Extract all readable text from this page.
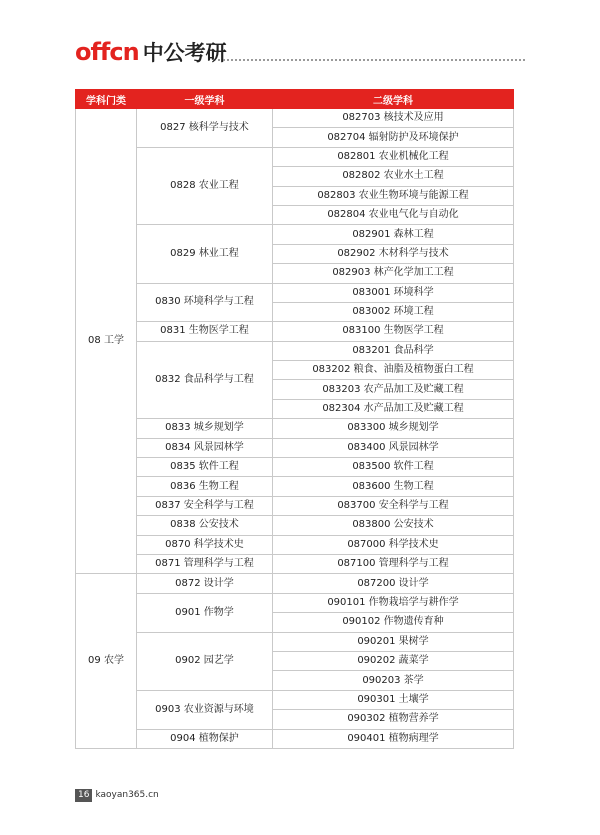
offcn 中公考研
学科门类	一级学科	二级学科
08 工学	0827 核科学与技术	082703 核技术及应用
		082704 辐射防护及环境保护
	0828 农业工程	082801 农业机械化工程
		082802 农业水土工程
		082803 农业生物环境与能源工程
		082804 农业电气化与自动化
	0829 林业工程	082901 森林工程
		082902 木材科学与技术
		082903 林产化学加工工程
	0830 环境科学与工程	083001 环境科学
		083002 环境工程
	0831 生物医学工程	083100 生物医学工程
	0832 食品科学与工程	083201 食品科学
		083202 粮食、油脂及植物蛋白工程
		083203 农产品加工及贮藏工程
		082304 水产品加工及贮藏工程
	0833 城乡规划学	083300 城乡规划学
	0834 风景园林学	083400 风景园林学
	0835 软件工程	083500 软件工程
	0836 生物工程	083600 生物工程
	0837 安全科学与工程	083700 安全科学与工程
	0838 公安技术	083800 公安技术
	0870 科学技术史	087000 科学技术史
	0871 管理科学与工程	087100 管理科学与工程
09 农学	0872 设计学	087200 设计学
	0901 作物学	090101 作物栽培学与耕作学
		090102 作物遗传育种
	0902 园艺学	090201 果树学
		090202 蔬菜学
		090203 茶学
	0903 农业资源与环境	090301 土壤学
		090302 植物营养学
	0904 植物保护	090401 植物病理学
16 kaoyan365.cn
